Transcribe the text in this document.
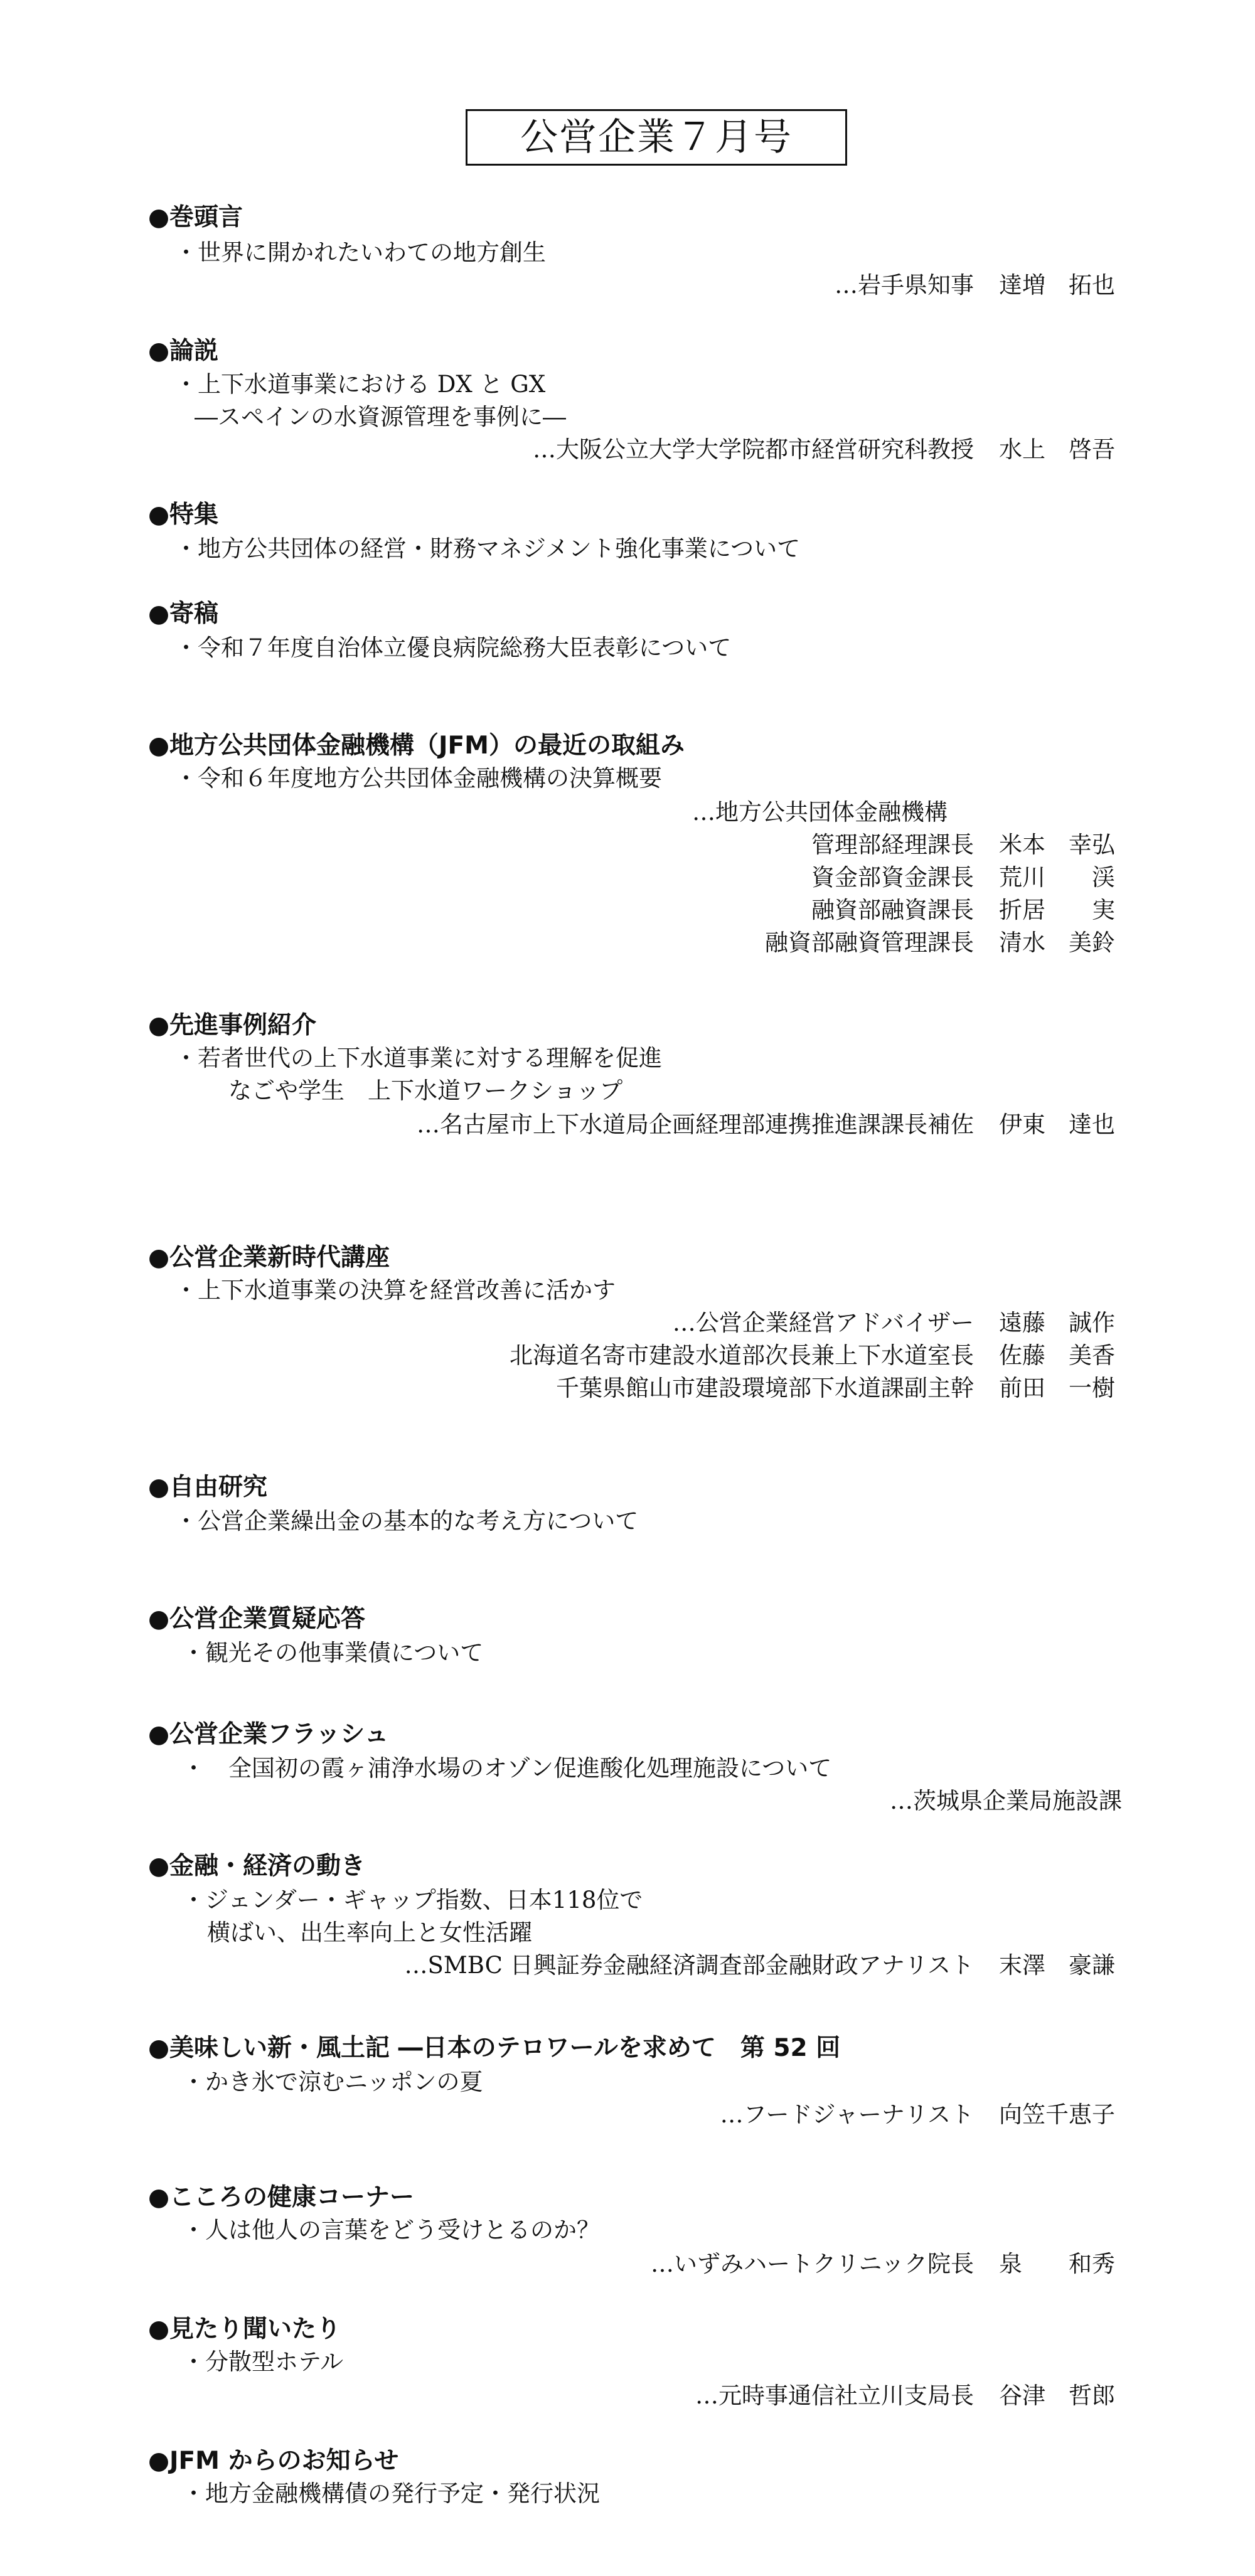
公営企業７月号
●巻頭言
・世界に開かれたいわての地方創生
…岩手県知事 達増　拓也
●論説
・上下水道事業における DX と GX
―スペインの水資源管理を事例に―
…大阪公立大学大学院都市経営研究科教授 水上　啓吾
●特集
・地方公共団体の経営・財務マネジメント強化事業について
●寄稿
・令和７年度自治体立優良病院総務大臣表彰について
●地方公共団体金融機構（JFM）の最近の取組み
・令和６年度地方公共団体金融機構の決算概要
…地方公共団体金融機構
管理部経理課長 米本　幸弘
資金部資金課長 荒川　　渓
融資部融資課長 折居　　実
融資部融資管理課長 清水　美鈴
●先進事例紹介
・若者世代の上下水道事業に対する理解を促進
なごや学生　上下水道ワークショップ
…名古屋市上下水道局企画経理部連携推進課課長補佐 伊東　達也
●公営企業新時代講座
・上下水道事業の決算を経営改善に活かす
…公営企業経営アドバイザー 遠藤　誠作
北海道名寄市建設水道部次長兼上下水道室長 佐藤　美香
千葉県館山市建設環境部下水道課副主幹 前田　一樹
●自由研究
・公営企業繰出金の基本的な考え方について
●公営企業質疑応答
・観光その他事業債について
●公営企業フラッシュ
・　全国初の霞ヶ浦浄水場のオゾン促進酸化処理施設について
…茨城県企業局施設課
●金融・経済の動き
・ジェンダー・ギャップ指数、日本118位で
横ばい、出生率向上と女性活躍
…SMBC 日興証券金融経済調査部金融財政アナリスト 末澤　豪謙
●美味しい新・風土記 ―日本のテロワールを求めて　第 52 回
・かき氷で涼むニッポンの夏
…フードジャーナリスト 向笠千恵子
●こころの健康コーナー
・人は他人の言葉をどう受けとるのか？
…いずみハートクリニック院長 泉　　和秀
●見たり聞いたり
・分散型ホテル
…元時事通信社立川支局長 谷津　哲郎
●JFM からのお知らせ
・地方金融機構債の発行予定・発行状況
